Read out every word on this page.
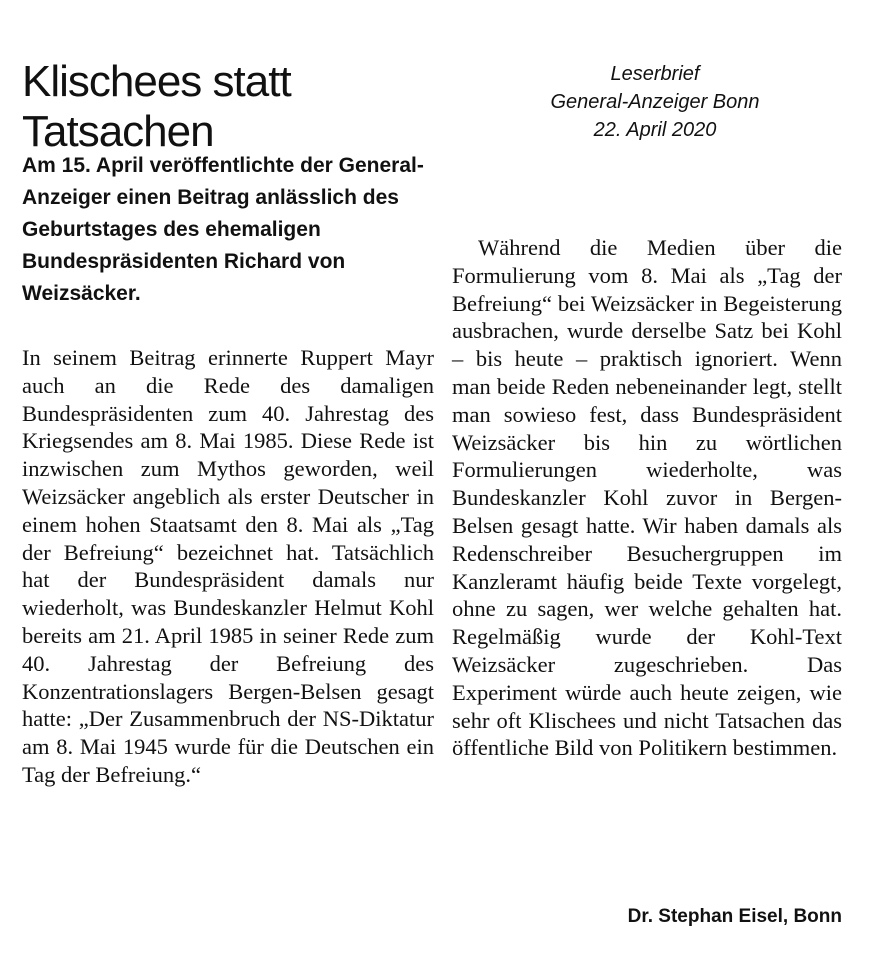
Klischees statt Tatsachen
Leserbrief
General-Anzeiger Bonn
22. April 2020

Am 15. April veröffentlichte der General-Anzeiger einen Beitrag anlässlich des Geburtstages des ehemaligen Bundespräsidenten Richard von Weizsäcker.

In seinem Beitrag erinnerte Ruppert Mayr auch an die Rede des damaligen Bundespräsidenten zum 40. Jahrestag des Kriegsendes am 8. Mai 1985. Diese Rede ist inzwischen zum Mythos geworden, weil Weizsäcker angeblich als erster Deutscher in einem hohen Staatsamt den 8. Mai als „Tag der Befreiung“ bezeichnet hat. Tatsächlich hat der Bundespräsident damals nur wiederholt, was Bundeskanzler Helmut Kohl bereits am 21. April 1985 in seiner Rede zum 40. Jahrestag der Befreiung des Konzentrationslagers Bergen-Belsen gesagt hatte: „Der Zusammenbruch der NS-Diktatur am 8. Mai 1945 wurde für die Deutschen ein Tag der Befreiung.“

Während die Medien über die Formulierung vom 8. Mai als „Tag der Befreiung“ bei Weizsäcker in Begeisterung ausbrachen, wurde derselbe Satz bei Kohl – bis heute – praktisch ignoriert. Wenn man beide Reden nebeneinander legt, stellt man sowieso fest, dass Bundespräsident Weizsäcker bis hin zu wörtlichen Formulierungen wiederholte, was Bundeskanzler Kohl zuvor in Bergen-Belsen gesagt hatte. Wir haben damals als Redenschreiber Besuchergruppen im Kanzleramt häufig beide Texte vorgelegt, ohne zu sagen, wer welche gehalten hat. Regelmäßig wurde der Kohl-Text Weizsäcker zugeschrieben. Das Experiment würde auch heute zeigen, wie sehr oft Klischees und nicht Tatsachen das öffentliche Bild von Politikern bestimmen.

Dr. Stephan Eisel, Bonn
